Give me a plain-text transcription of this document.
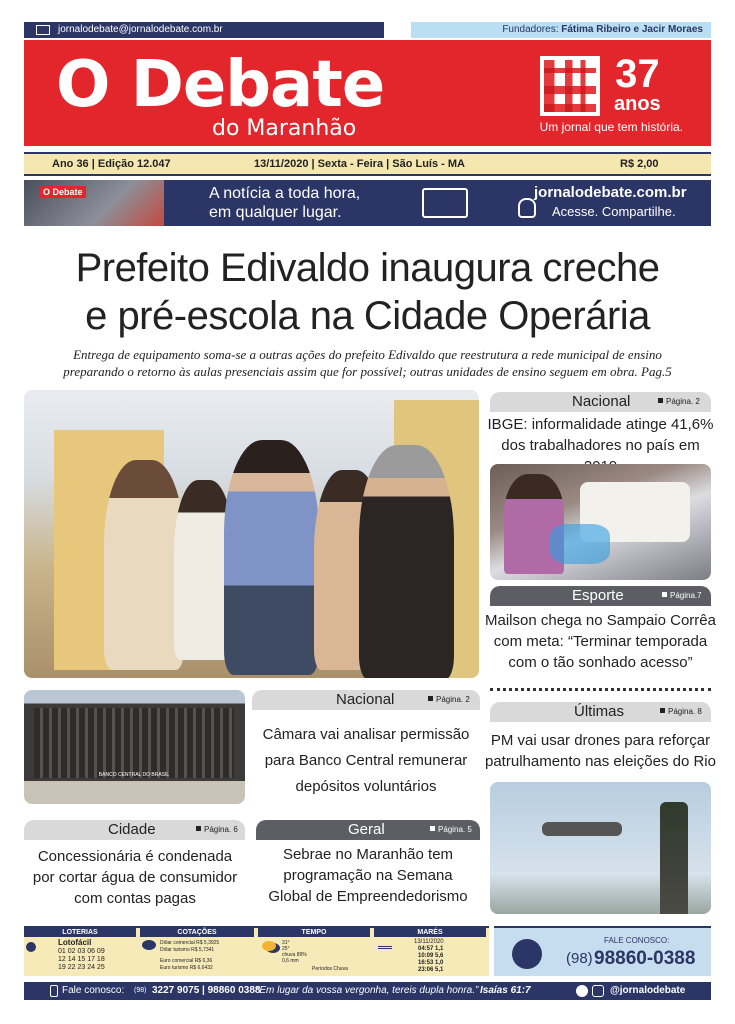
jornalodebate@jornalodebate.com.br	Fundadores: Fátima Ribeiro e Jacir Moraes
O Debate
do Maranhão
37
anos
Um jornal que tem história.
Ano 36 | Edição 12.047	13/11/2020 | Sexta - Feira | São Luís - MA	R$ 2,00
O Debate	A notícia a toda hora,
em qualquer lugar.
jornalodebate.com.br
Acesse. Compartilhe.
Prefeito Edivaldo inaugura creche
e pré-escola na Cidade Operária
Entrega de equipamento soma-se a outras ações do prefeito Edivaldo que reestrutura a rede municipal de ensino
preparando o retorno às aulas presenciais assim que for possível; outras unidades de ensino seguem em obra. Pag.5
Nacional	Página. 2
IBGE: informalidade atinge 41,6%
dos trabalhadores no país em
Esporte	Página.7
Mailson chega no Sampaio Corrêa
com meta: “Terminar temporada
com o tão sonhado acesso”
BANCO CENTRAL DO BRASIL
Nacional	Página. 2
Câmara vai analisar permissão
para Banco Central remunerar
depósitos voluntários
Últimas	Página. 8
PM vai usar drones para reforçar
patrulhamento nas eleições do Rio
Cidade	Página. 6
Concessionária é condenada
por cortar água de consumidor
com contas pagas
Geral	Página. 5
Sebrae no Maranhão tem
programação na Semana
Global de Empreendedorismo
LOTERIAS
Lotofácil
01 02 03 06 09
12 14 15 17 18
19 22 23 24 25
COTAÇÕES
Dólar comercial R$ 5,3925
Dólar turismo R$ 5,7341
Euro comercial R$ 6,36
Euro turismo R$ 6,6432
TEMPO
31°
25°
chuva 89%
0,6 mm
Períodos Chuva
MARÉS
13/11/2020
04:57 1,1
10:09 5,6
16:53 1,0
23:06 5,1
FALE CONOSCO:
(98) 98860-0388
Fale conosco: (98) 3227 9075 | 98860 0388
“Em lugar da vossa vergonha, tereis dupla honra.” Isaías 61:7	@jornalodebate
